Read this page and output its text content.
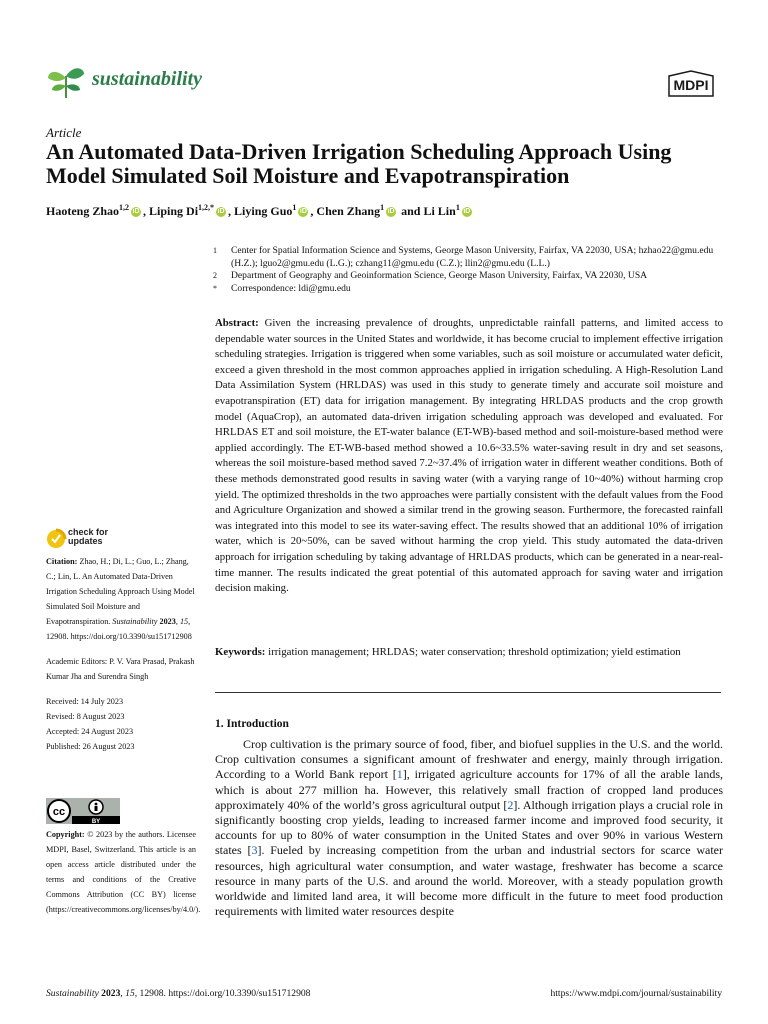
sustainability	MDPI
Article
An Automated Data-Driven Irrigation Scheduling Approach Using Model Simulated Soil Moisture and Evapotranspiration
Haoteng Zhao$^{1,2}$ iD , Liping $Di^{1,2,*}$ iD , Liying Guo$^1$ iD , Chen Zhang$^1$ iD and Li Lin$^1$ iD
1	Center for Spatial Information Science and Systems, George Mason University, Fairfax, VA 22030, USA; hzhao22@gmu.edu (H.Z.); lguo2@gmu.edu (L.G.); czhang11@gmu.edu (C.Z.); llin2@gmu.edu (L.L.)
2	Department of Geography and Geoinformation Science, George Mason University, Fairfax, VA 22030, USA
*	Correspondence: ldi@gmu.edu
Abstract: Given the increasing prevalence of droughts, unpredictable rainfall patterns, and limited access to dependable water sources in the United States and worldwide, it has become crucial to implement effective irrigation scheduling strategies. Irrigation is triggered when some variables, such as soil moisture or accumulated water deficit, exceed a given threshold in the most common approaches applied in irrigation scheduling. A High-Resolution Land Data Assimilation System (HRLDAS) was used in this study to generate timely and accurate soil moisture and evapotranspiration (ET) data for irrigation management. By integrating HRLDAS products and the crop growth model (AquaCrop), an automated data-driven irrigation scheduling approach was developed and evaluated. For HRLDAS ET and soil moisture, the ET-water balance (ET-WB)-based method and soil-moisture-based method were applied accordingly. The ET-WB-based method showed a 10.6~33.5% water-saving result in dry and set seasons, whereas the soil moisture-based method saved 7.2~37.4% of irrigation water in different weather conditions. Both of these methods demonstrated good results in saving water (with a varying range of 10~40%) without harming crop yield. The optimized thresholds in the two approaches were partially consistent with the default values from the Food and Agriculture Organization and showed a similar trend in the growing season. Furthermore, the forecasted rainfall was integrated into this model to see its water-saving effect. The results showed that an additional 10% of irrigation water, which is 20~50%, can be saved without harming the crop yield. This study automated the data-driven approach for irrigation scheduling by taking advantage of HRLDAS products, which can be generated in a near-real-time manner. The results indicated the great potential of this automated approach for saving water and irrigation decision making.
Keywords: irrigation management; HRLDAS; water conservation; threshold optimization; yield estimation
check for
updates
Citation: Zhao, H.; Di, L.; Guo, L.; Zhang, C.; Lin, L. An Automated Data-Driven Irrigation Scheduling Approach Using Model Simulated Soil Moisture and Evapotranspiration. Sustainability 2023, 15, 12908. https://doi.org/10.3390/su151712908
Academic Editors: P. V. Vara Prasad, Prakash Kumar Jha and Surendra Singh
Received: 14 July 2023
Revised: 8 August 2023
Accepted: 24 August 2023
Published: 26 August 2023
cc
BY
Copyright: © 2023 by the authors. Licensee MDPI, Basel, Switzerland. This article is an open access article distributed under the terms and conditions of the Creative Commons Attribution (CC BY) license (https://creativecommons.org/licenses/by/4.0/).
1. Introduction
Crop cultivation is the primary source of food, fiber, and biofuel supplies in the U.S. and the world. Crop cultivation consumes a significant amount of freshwater and energy, mainly through irrigation. According to a World Bank report [1], irrigated agriculture accounts for 17% of all the arable lands, which is about 277 million ha. However, this relatively small fraction of cropped land produces approximately 40% of the world’s gross agricultural output [2]. Although irrigation plays a crucial role in significantly boosting crop yields, leading to increased farmer income and improved food security, it accounts for up to 80% of water consumption in the United States and over 90% in various Western states [3]. Fueled by increasing competition from the urban and industrial sectors for scarce water resources, high agricultural water consumption, and water wastage, freshwater has become a scarce resource in many parts of the U.S. and around the world. Moreover, with a steady population growth worldwide and limited land area, it will become more difficult in the future to meet food production requirements with limited water resources despite
Sustainability 2023, 15, 12908. https://doi.org/10.3390/su151712908	https://www.mdpi.com/journal/sustainability
